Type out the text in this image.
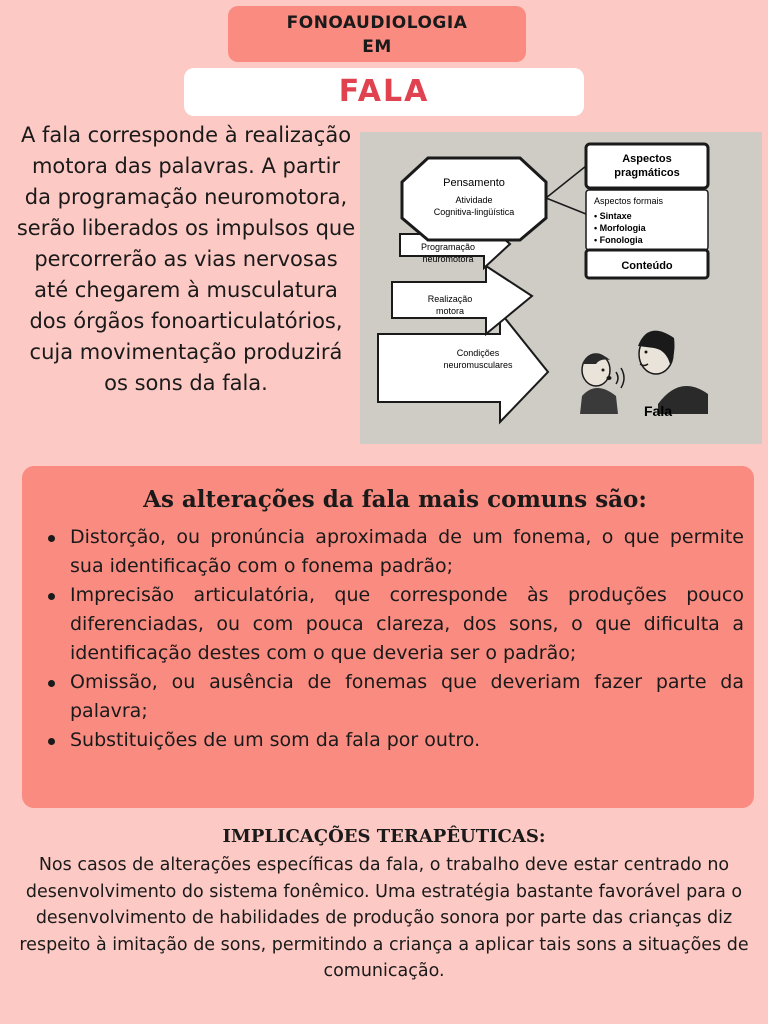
FONOAUDIOLOGIA
EM
FALA
A fala corresponde à realização motora das palavras. A partir da programação neuromotora, serão liberados os impulsos que percorrerão as vias nervosas até chegarem à musculatura dos órgãos fonoarticulatórios, cuja movimentação produzirá os sons da fala.
Pensamento
Atividade
Cognitiva-lingüística
Programação
neuromotora
Realização
motora
Condições
neuromusculares
Aspectos
pragmáticos
Aspectos formais
• Sintaxe
• Morfologia
• Fonologia
Conteúdo
Fala
As alterações da fala mais comuns são:
Distorção, ou pronúncia aproximada de um fonema, o que permite sua identificação com o fonema padrão;
Imprecisão articulatória, que corresponde às produções pouco diferenciadas, ou com pouca clareza, dos sons, o que dificulta a identificação destes com o que deveria ser o padrão;
Omissão, ou ausência de fonemas que deveriam fazer parte da palavra;
Substituições de um som da fala por outro.
IMPLICAÇÕES TERAPÊUTICAS:
Nos casos de alterações específicas da fala, o trabalho deve estar centrado no desenvolvimento do sistema fonêmico. Uma estratégia bastante favorável para o desenvolvimento de habilidades de produção sonora por parte das crianças diz respeito à imitação de sons, permitindo a criança a aplicar tais sons a situações de comunicação.
